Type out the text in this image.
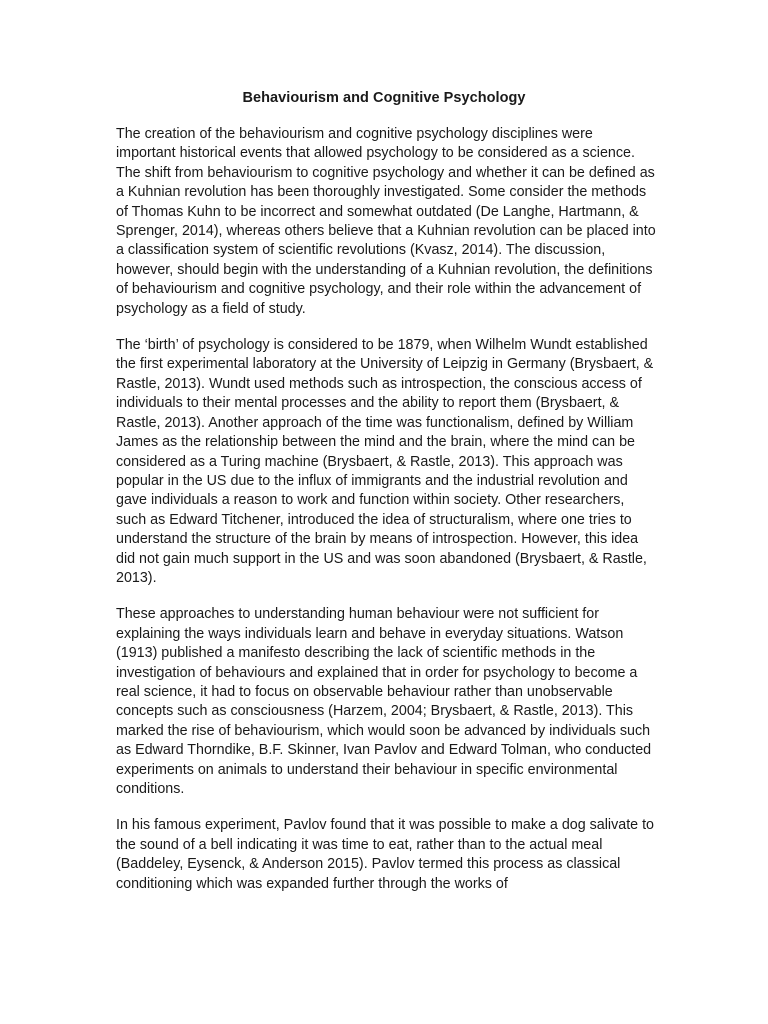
Behaviourism and Cognitive Psychology

The creation of the behaviourism and cognitive psychology disciplines were important historical events that allowed psychology to be considered as a science. The shift from behaviourism to cognitive psychology and whether it can be defined as a Kuhnian revolution has been thoroughly investigated. Some consider the methods of Thomas Kuhn to be incorrect and somewhat outdated (De Langhe, Hartmann, & Sprenger, 2014), whereas others believe that a Kuhnian revolution can be placed into a classification system of scientific revolutions (Kvasz, 2014). The discussion, however, should begin with the understanding of a Kuhnian revolution, the definitions of behaviourism and cognitive psychology, and their role within the advancement of psychology as a field of study.

The ‘birth’ of psychology is considered to be 1879, when Wilhelm Wundt established the first experimental laboratory at the University of Leipzig in Germany (Brysbaert, & Rastle, 2013). Wundt used methods such as introspection, the conscious access of individuals to their mental processes and the ability to report them (Brysbaert, & Rastle, 2013). Another approach of the time was functionalism, defined by William James as the relationship between the mind and the brain, where the mind can be considered as a Turing machine (Brysbaert, & Rastle, 2013). This approach was popular in the US due to the influx of immigrants and the industrial revolution and gave individuals a reason to work and function within society. Other researchers, such as Edward Titchener, introduced the idea of structuralism, where one tries to understand the structure of the brain by means of introspection. However, this idea did not gain much support in the US and was soon abandoned (Brysbaert, & Rastle, 2013).

These approaches to understanding human behaviour were not sufficient for explaining the ways individuals learn and behave in everyday situations. Watson (1913) published a manifesto describing the lack of scientific methods in the investigation of behaviours and explained that in order for psychology to become a real science, it had to focus on observable behaviour rather than unobservable concepts such as consciousness (Harzem, 2004; Brysbaert, & Rastle, 2013). This marked the rise of behaviourism, which would soon be advanced by individuals such as Edward Thorndike, B.F. Skinner, Ivan Pavlov and Edward Tolman, who conducted experiments on animals to understand their behaviour in specific environmental conditions.

In his famous experiment, Pavlov found that it was possible to make a dog salivate to the sound of a bell indicating it was time to eat, rather than to the actual meal (Baddeley, Eysenck, & Anderson 2015). Pavlov termed this process as classical conditioning which was expanded further through the works of
